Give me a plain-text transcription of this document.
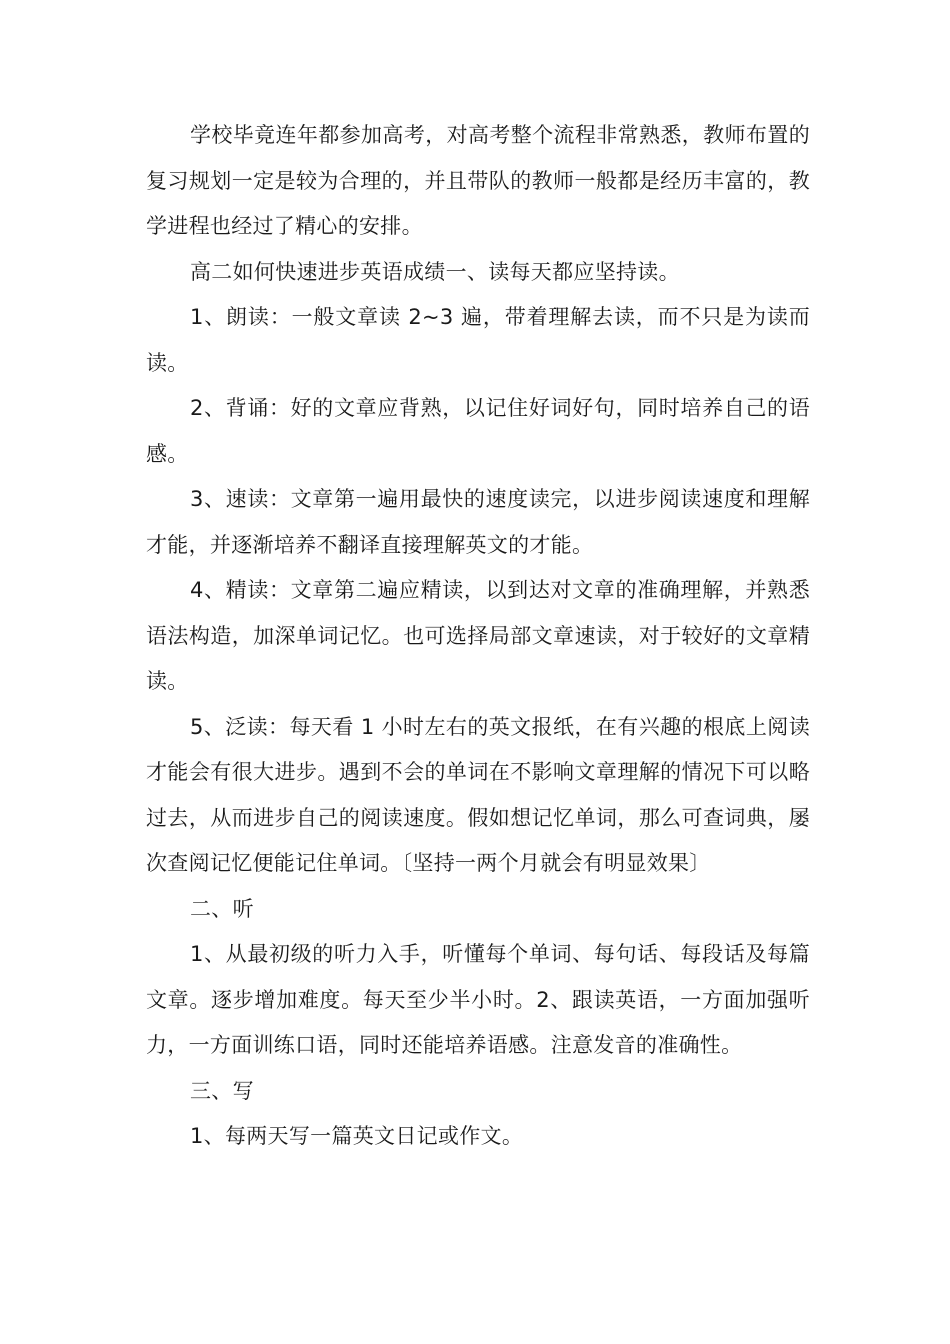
学校毕竟连年都参加高考，对高考整个流程非常熟悉，教师布置的复习规划一定是较为合理的，并且带队的教师一般都是经历丰富的，教学进程也经过了精心的安排。

高二如何快速进步英语成绩一、读每天都应坚持读。

1、朗读：一般文章读 2~3 遍，带着理解去读，而不只是为读而读。

2、背诵：好的文章应背熟，以记住好词好句，同时培养自己的语感。

3、速读：文章第一遍用最快的速度读完，以进步阅读速度和理解才能，并逐渐培养不翻译直接理解英文的才能。

4、精读：文章第二遍应精读，以到达对文章的准确理解，并熟悉语法构造，加深单词记忆。也可选择局部文章速读，对于较好的文章精读。

5、泛读：每天看 1 小时左右的英文报纸，在有兴趣的根底上阅读才能会有很大进步。遇到不会的单词在不影响文章理解的情况下可以略过去，从而进步自己的阅读速度。假如想记忆单词，那么可查词典，屡次查阅记忆便能记住单词。〔坚持一两个月就会有明显效果〕

二、听

1、从最初级的听力入手，听懂每个单词、每句话、每段话及每篇文章。逐步增加难度。每天至少半小时。2、跟读英语，一方面加强听力，一方面训练口语，同时还能培养语感。注意发音的准确性。

三、写

1、每两天写一篇英文日记或作文。
